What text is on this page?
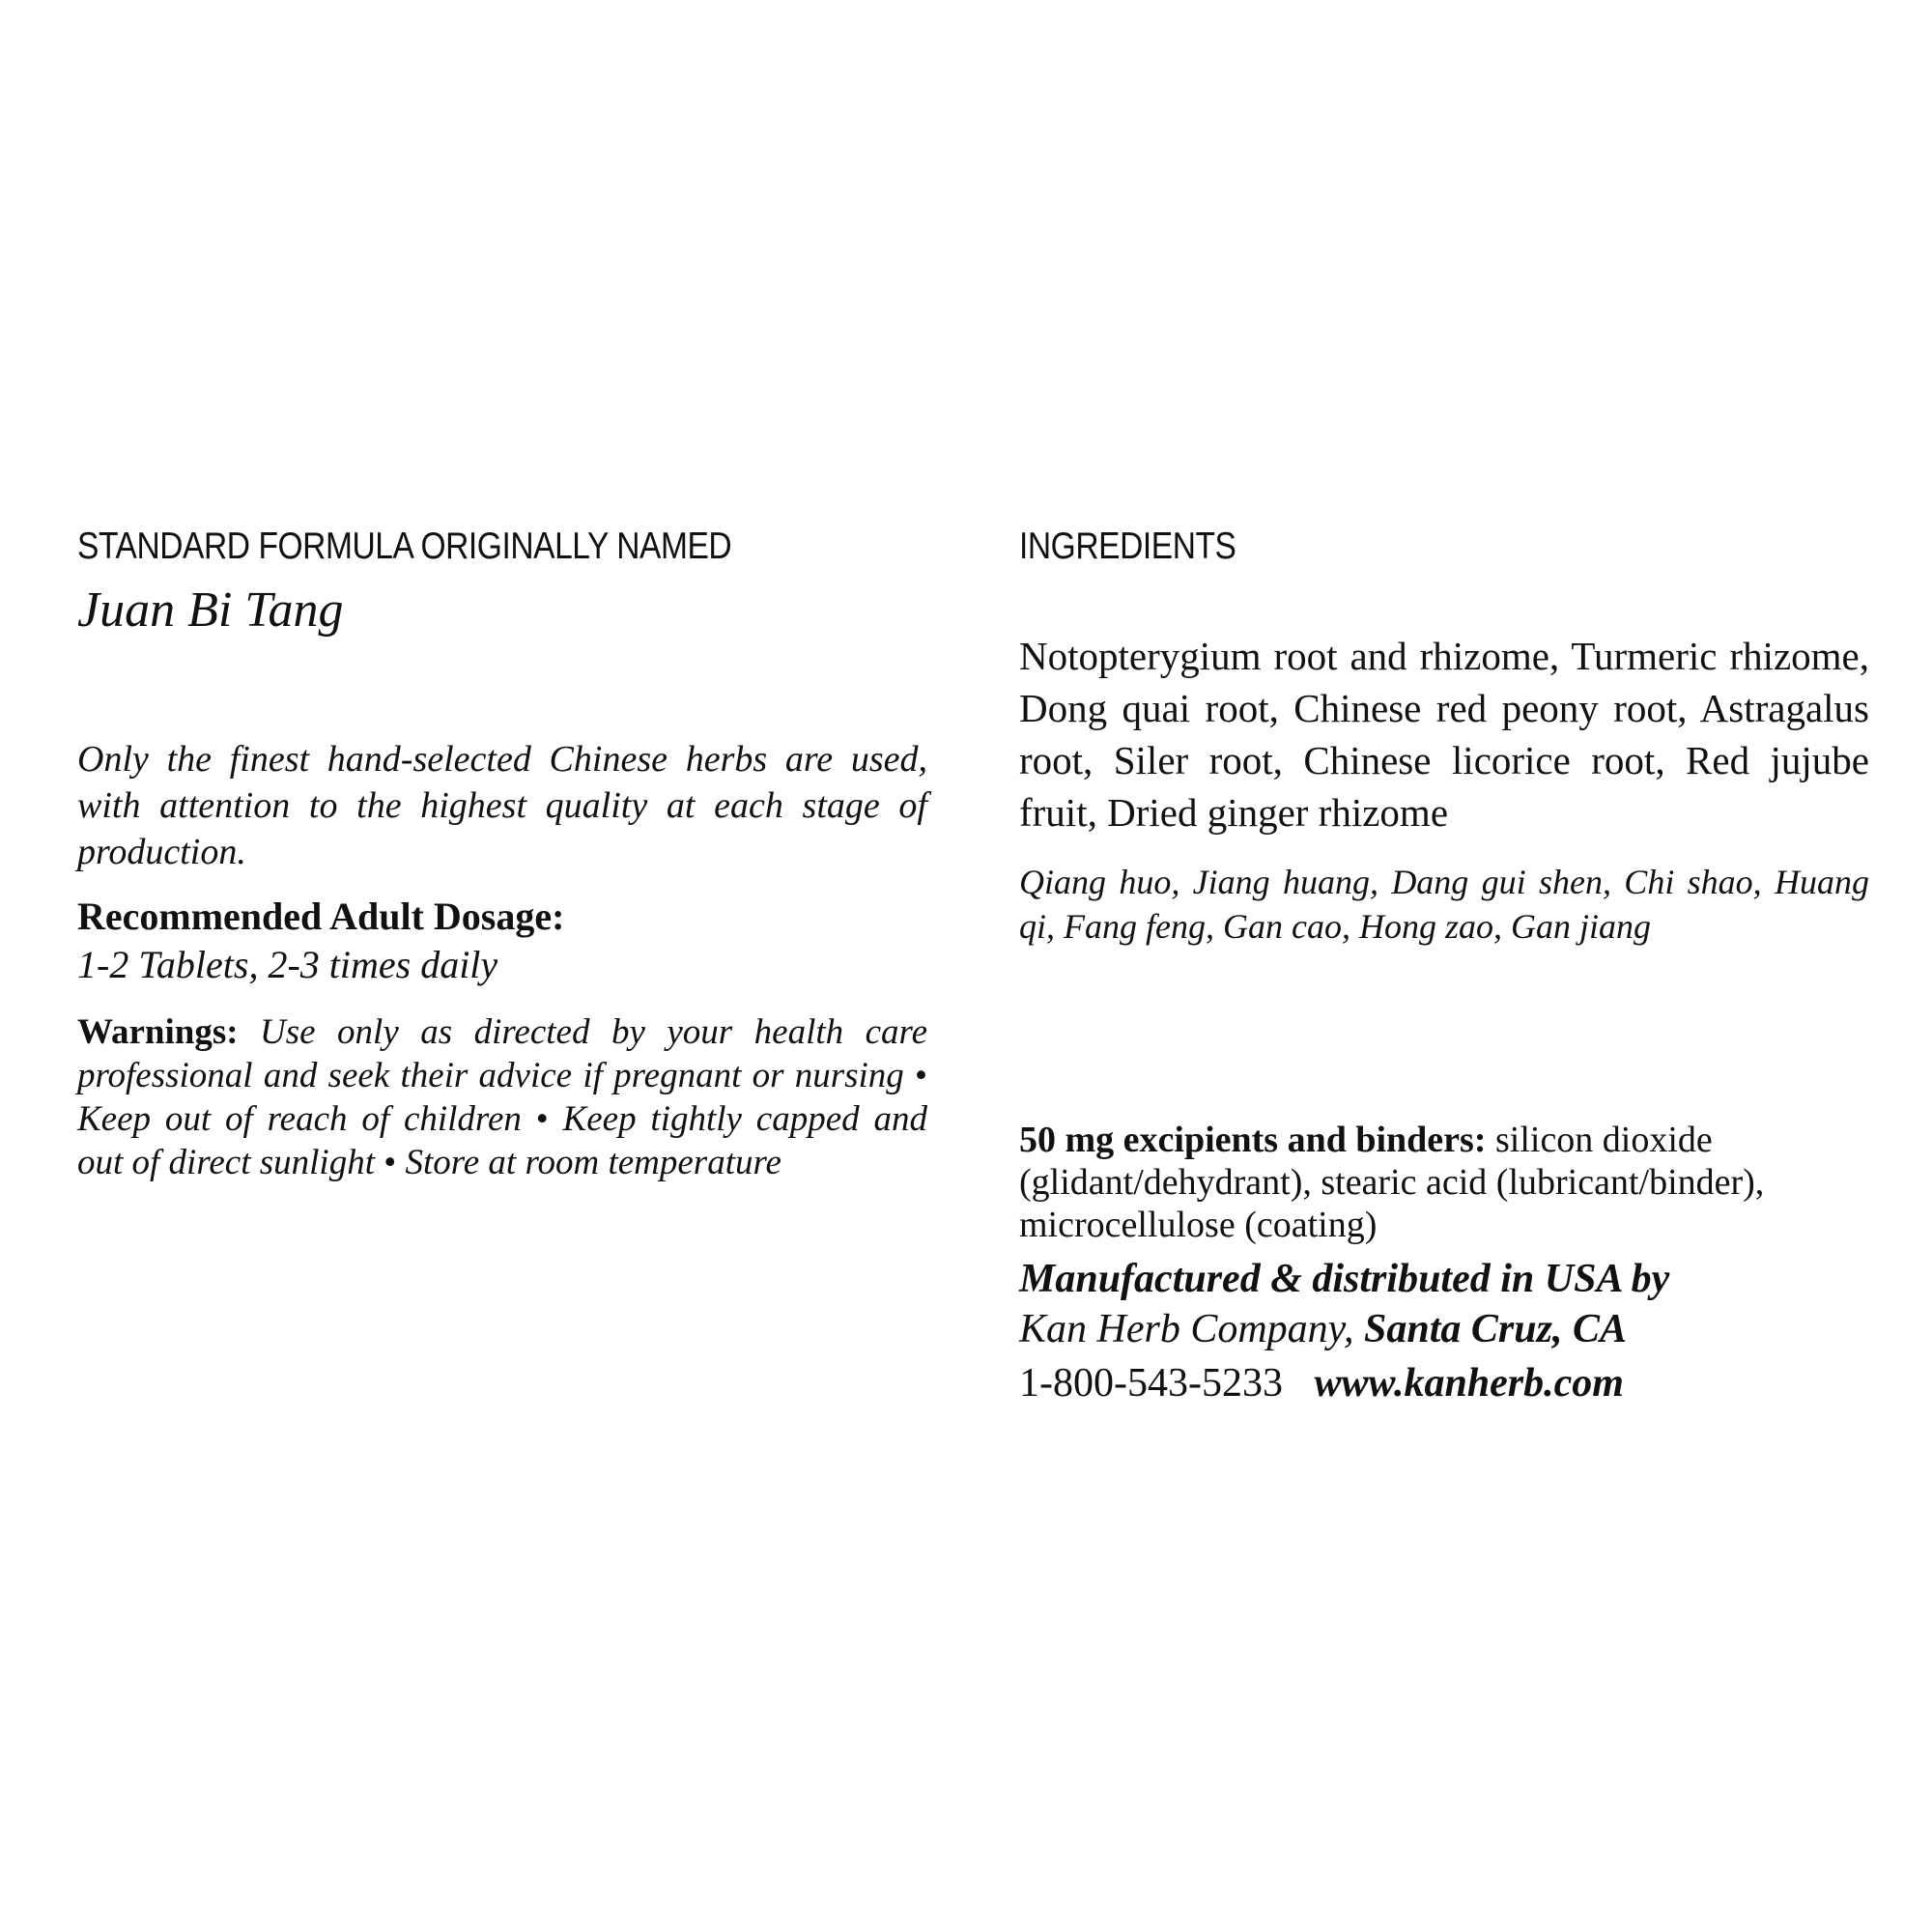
STANDARD FORMULA ORIGINALLY NAMED

Juan Bi Tang

Only the finest hand-selected Chinese herbs are used, with attention to the highest quality at each stage of production.

Recommended Adult Dosage:

1-2 Tablets, 2-3 times daily

Warnings: Use only as directed by your health care professional and seek their advice if pregnant or nursing • Keep out of reach of children • Keep tightly capped and out of direct sunlight • Store at room temperature

INGREDIENTS

Notopterygium root and rhizome, Turmeric rhizome, Dong quai root, Chinese red peony root, Astragalus root, Siler root, Chinese licorice root, Red jujube fruit, Dried ginger rhizome

Qiang huo, Jiang huang, Dang gui shen, Chi shao, Huang qi, Fang feng, Gan cao, Hong zao, Gan jiang

50 mg excipients and binders: silicon dioxide (glidant/dehydrant), stearic acid (lubricant/binder), microcellulose (coating)

Manufactured & distributed in USA by

Kan Herb Company, Santa Cruz, CA

1-800-543-5233 www.kanherb.com
